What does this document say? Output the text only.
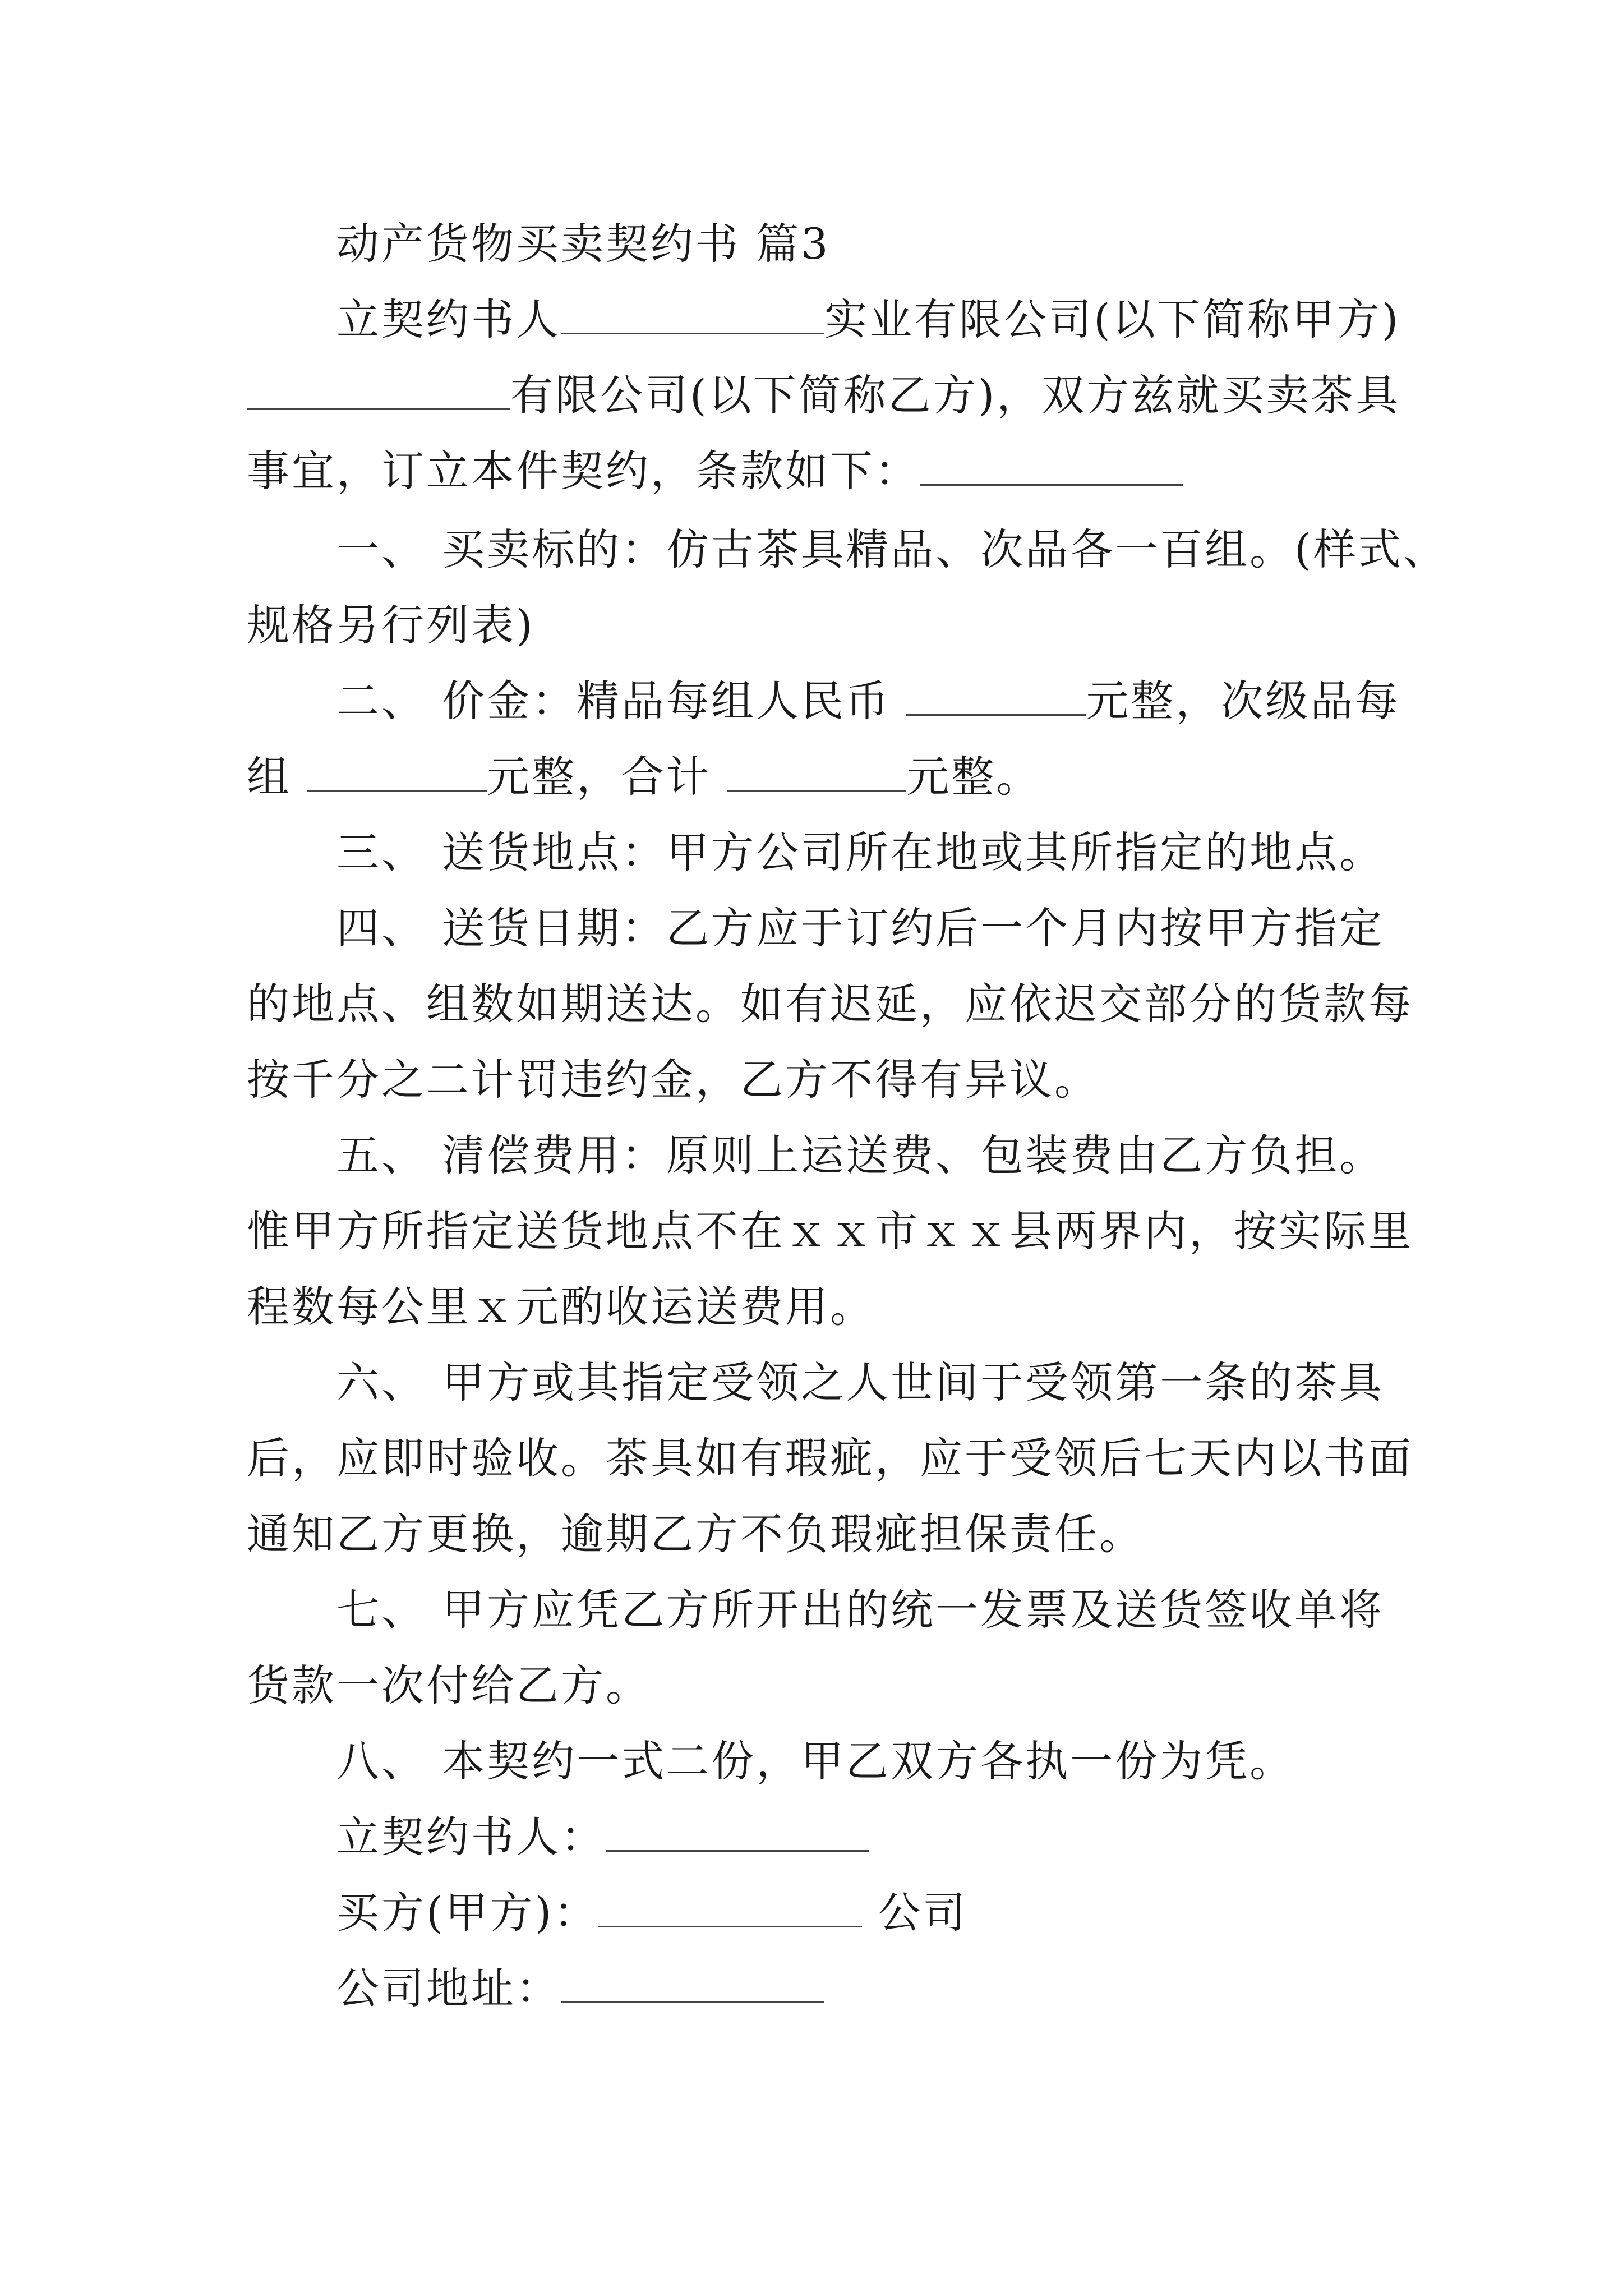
动产货物买卖契约书 篇3
立契约书人	实业有限公司(以下简称甲方)
有限公司(以下简称乙方)，双方兹就买卖茶具
事宜，订立本件契约，条款如下：
一、 买卖标的：仿古茶具精品、次品各一百组。(样式、
规格另行列表)
二、 价金：精品每组人民币	元整，次级品每
组	元整，合计	元整。
三、 送货地点：甲方公司所在地或其所指定的地点。
四、 送货日期：乙方应于订约后一个月内按甲方指定
的地点、组数如期送达。如有迟延，应依迟交部分的货款每
按千分之二计罚违约金，乙方不得有异议。
五、 清偿费用：原则上运送费、包装费由乙方负担。
惟甲方所指定送货地点不在ｘｘ市ｘｘ县两界内，按实际里
程数每公里ｘ元酌收运送费用。
六、 甲方或其指定受领之人世间于受领第一条的茶具
后，应即时验收。茶具如有瑕疵，应于受领后七天内以书面
通知乙方更换，逾期乙方不负瑕疵担保责任。
七、 甲方应凭乙方所开出的统一发票及送货签收单将
货款一次付给乙方。
八、 本契约一式二份，甲乙双方各执一份为凭。
立契约书人：
买方(甲方)：	公司
公司地址：
